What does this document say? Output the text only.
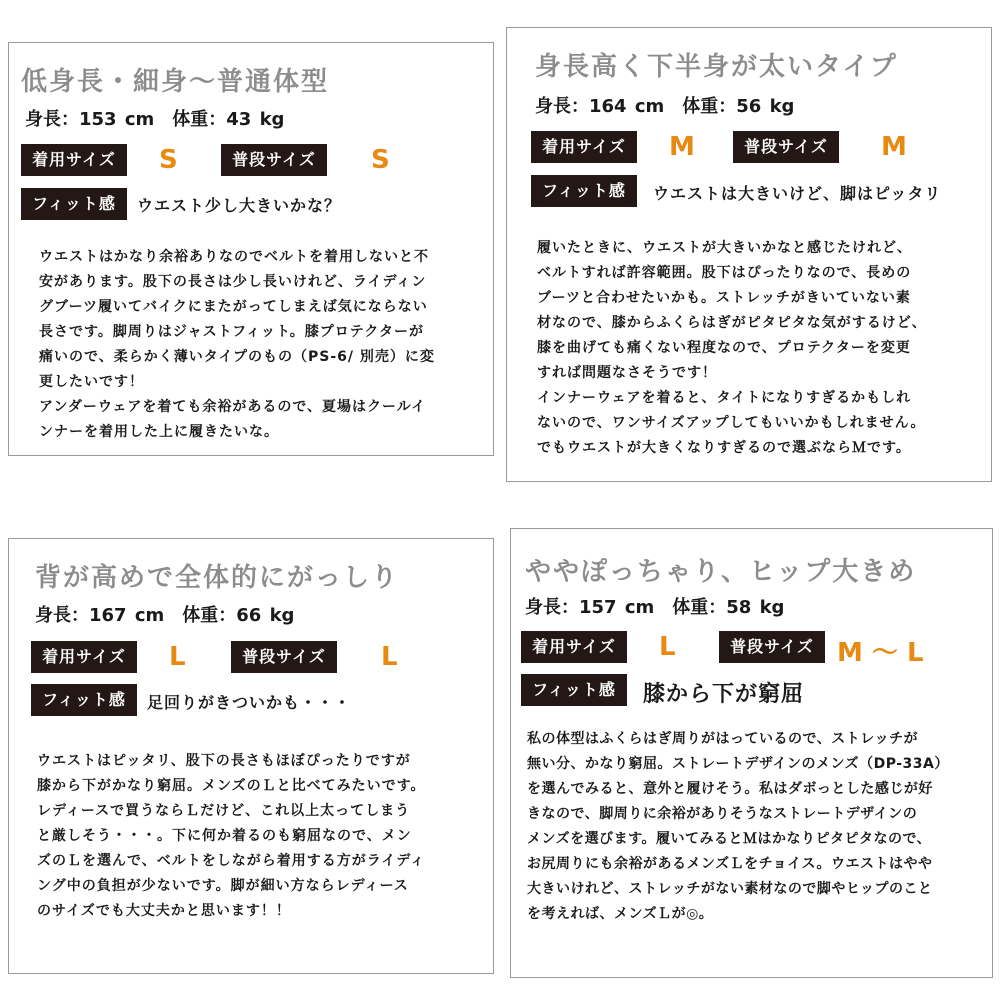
低身長・細身～普通体型
身長：153 cm　体重：43 kg
着用サイズ	S	普段サイズ	S
フィット感	ウエスト少し大きいかな？

ウエストはかなり余裕ありなのでベルトを着用しないと不

安があります。股下の長さは少し長いけれど、ライディン

グブーツ履いてバイクにまたがってしまえば気にならない

長さです。脚周りはジャストフィット。膝プロテクターが

痛いので、柔らかく薄いタイプのもの（PS-6/ 別売）に変

更したいです！

アンダーウェアを着ても余裕があるので、夏場はクールイ

ンナーを着用した上に履きたいな。

身長高く下半身が太いタイプ
身長：164 cm　体重：56 kg
着用サイズ	M	普段サイズ	M
フィット感	ウエストは大きいけど、脚はピッタリ

履いたときに、ウエストが大きいかなと感じたけれど、

ベルトすれば許容範囲。股下はぴったりなので、長めの

ブーツと合わせたいかも。ストレッチがきいていない素

材なので、膝からふくらはぎがピタピタな気がするけど、

膝を曲げても痛くない程度なので、プロテクターを変更

すれば問題なさそうです！

インナーウェアを着ると、タイトになりすぎるかもしれ

ないので、ワンサイズアップしてもいいかもしれません。

でもウエストが大きくなりすぎるので選ぶならＭです。

背が高めで全体的にがっしり
身長：167 cm　体重：66 kg
着用サイズ	L	普段サイズ	L
フィット感	足回りがきついかも・・・

ウエストはピッタリ、股下の長さもほぼぴったりですが

膝から下がかなり窮屈。メンズのＬと比べてみたいです。

レディースで買うならＬだけど、これ以上太ってしまう

と厳しそう・・・。下に何か着るのも窮屈なので、メン

ズのＬを選んで、ベルトをしながら着用する方がライディ

ング中の負担が少ないです。脚が細い方ならレディース

のサイズでも大丈夫かと思います！！

ややぽっちゃり、ヒップ大きめ
身長：157 cm　体重：58 kg
着用サイズ	L	普段サイズ M ～ L
フィット感	膝から下が窮屈

私の体型はふくらはぎ周りがはっているので、ストレッチが

無い分、かなり窮屈。ストレートデザインのメンズ（DP-33A）

を選んでみると、意外と履けそう。私はダボっとした感じが好

きなので、脚周りに余裕がありそうなストレートデザインの

メンズを選びます。履いてみるとＭはかなりピタピタなので、

お尻周りにも余裕があるメンズＬをチョイス。ウエストはやや

大きいけれど、ストレッチがない素材なので脚やヒップのこと

を考えれば、メンズＬが◎。
